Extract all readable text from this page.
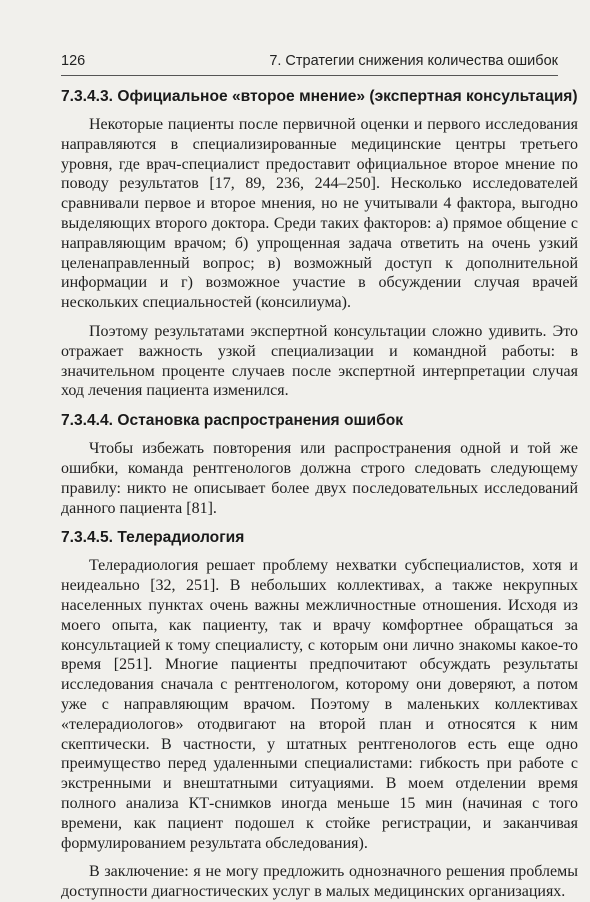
126	7. Стратегии снижения количества ошибок
7.3.4.3. Официальное «второе мнение» (экспертная консультация)

Некоторые пациенты после первичной оценки и первого исследования направляются в специализированные медицинские центры третьего уровня, где врач-специалист предоставит официальное второе мнение по поводу результатов [17, 89, 236, 244–250]. Несколько исследователей сравнивали первое и второе мнения, но не учитывали 4 фактора, выгодно выделяющих второго доктора. Среди таких факторов: а) прямое общение с направляющим врачом; б) упрощенная задача ответить на очень узкий целенаправленный вопрос; в) возможный доступ к дополнительной информации и г) возможное участие в обсуждении случая врачей нескольких специальностей (консилиума).

Поэтому результатами экспертной консультации сложно удивить. Это отражает важность узкой специализации и командной работы: в значительном проценте случаев после экспертной интерпретации случая ход лечения пациента изменился.

7.3.4.4. Остановка распространения ошибок

Чтобы избежать повторения или распространения одной и той же ошибки, команда рентгенологов должна строго следовать следующему правилу: никто не описывает более двух последовательных исследований данного пациента [81].

7.3.4.5. Телерадиология

Телерадиология решает проблему нехватки субспециалистов, хотя и неидеально [32, 251]. В небольших коллективах, а также некрупных населенных пунктах очень важны межличностные отношения. Исходя из моего опыта, как пациенту, так и врачу комфортнее обращаться за консультацией к тому специалисту, с которым они лично знакомы какое-то время [251]. Многие пациенты предпочитают обсуждать результаты исследования сначала с рентгенологом, которому они доверяют, а потом уже с направляющим врачом. Поэтому в маленьких коллективах «телерадиологов» отодвигают на второй план и относятся к ним скептически. В частности, у штатных рентгенологов есть еще одно преимущество перед удаленными специалистами: гибкость при работе с экстренными и внештатными ситуациями. В моем отделении время полного анализа КТ-снимков иногда меньше 15 мин (начиная с того времени, как пациент подошел к стойке регистрации, и заканчивая формулированием результата обследования).

В заключение: я не могу предложить однозначного решения проблемы доступности диагностических услуг в малых медицинских организациях.
